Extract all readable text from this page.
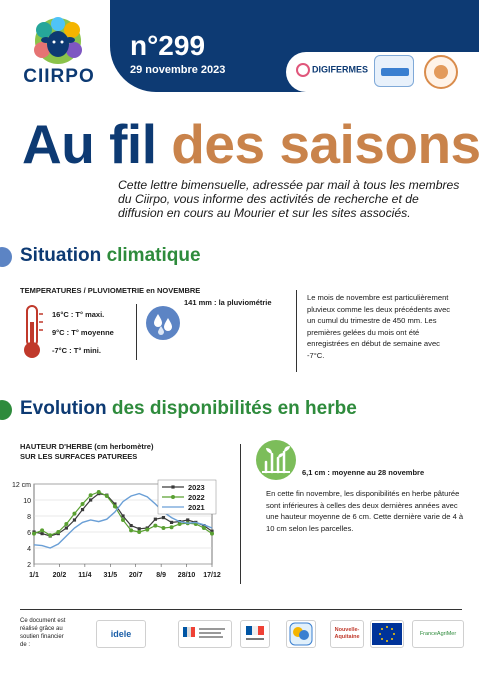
n°299
29 novembre 2023	DIGIFERMES
CIIRPO
Au fil des saisons
Cette lettre bimensuelle, adressée par mail à tous les membres du Ciirpo, vous informe des activités de recherche et de diffusion en cours au Mourier et sur les sites associés.
Situation climatique
TEMPERATURES / PLUVIOMETRIE en NOVEMBRE
16°C : T° maxi.
9°C : T° moyenne
-7°C : T° mini.
141 mm : la pluviométrie
Le mois de novembre est particulièrement pluvieux comme les deux précédents avec un cumul du trimestre de 450 mm. Les premières gelées du mois ont été enregistrées en début de semaine avec -7°C.
Evolution des disponibilités en herbe
HAUTEUR D'HERBE (cm herbomètre)
SUR LES SURFACES PATUREES
2
4
6
8
10
12 cm
1/1 20/2 11/4 31/5 20/7 8/9 28/10 17/12
2023
2022
2021
6,1 cm : moyenne au 28 novembre
En cette fin novembre, les disponibilités en herbe pâturée sont inférieures à celles des deux dernières années avec une hauteur moyenne de 6 cm. Cette dernière varie de 4 à 10 cm selon les parcelles.
Ce document est réalisé grâce au soutien financier de :
idele	Nouvelle-Aquitaine
FranceAgriMer
